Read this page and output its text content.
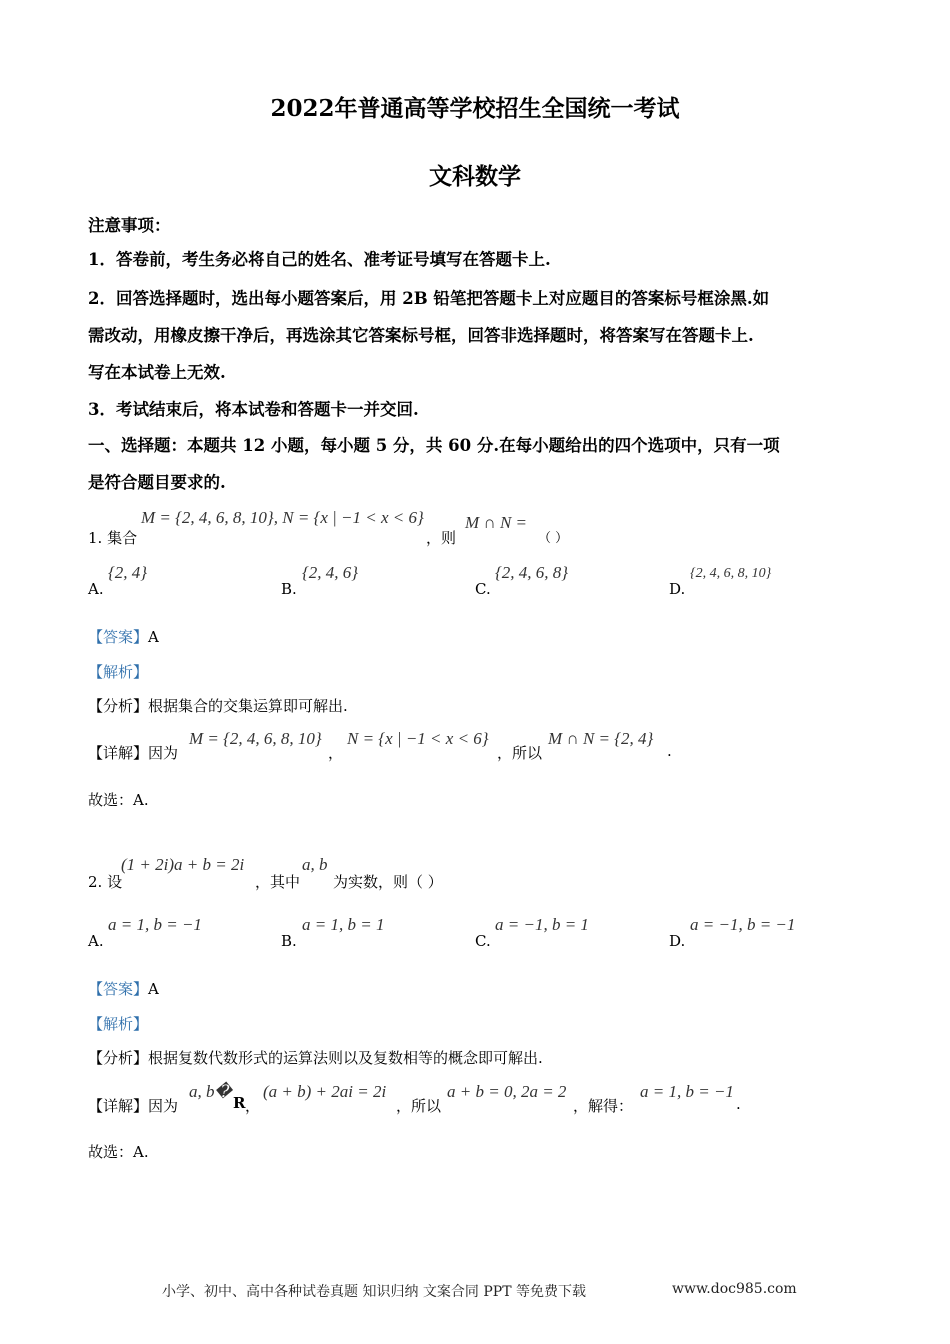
2022年普通高等学校招生全国统一考试
文科数学
注意事项：
1．答卷前，考生务必将自己的姓名、准考证号填写在答题卡上.
2．回答选择题时，选出每小题答案后，用 2B 铅笔把答题卡上对应题目的答案标号框涂黑.如
需改动，用橡皮擦干净后，再选涂其它答案标号框，回答非选择题时，将答案写在答题卡上.
写在本试卷上无效.
3．考试结束后，将本试卷和答题卡一并交回.
一、选择题：本题共 12 小题，每小题 5 分，共 60 分.在每小题给出的四个选项中，只有一项
是符合题目要求的.
1. 集合
M = {2, 4, 6, 8, 10}, N = {x | −1 < x < 6}
，则
M ∩ N =
（ ）
A.
{2, 4}
B.
{2, 4, 6}
C.
{2, 4, 6, 8}
D.
{2, 4, 6, 8, 10}
【答案】A
【解析】
【分析】根据集合的交集运算即可解出.
【详解】因为
M = {2, 4, 6, 8, 10}
，
N = {x | −1 < x < 6}
，所以
M ∩ N = {2, 4}
.
故选：A.
2. 设
(1 + 2i)a + b = 2i
，其中
a, b
为实数，则（ ）
A.
a = 1, b = −1
B.
a = 1, b = 1
C.
a = −1, b = 1
D.
a = −1, b = −1
【答案】A
【解析】
【分析】根据复数代数形式的运算法则以及复数相等的概念即可解出.
【详解】因为
a, b�
R ，
(a + b) + 2ai = 2i
，所以
a + b = 0, 2a = 2
，解得：
a = 1, b = −1
.
故选：A.
小学、初中、高中各种试卷真题 知识归纳 文案合同 PPT 等免费下载	www.doc985.com
